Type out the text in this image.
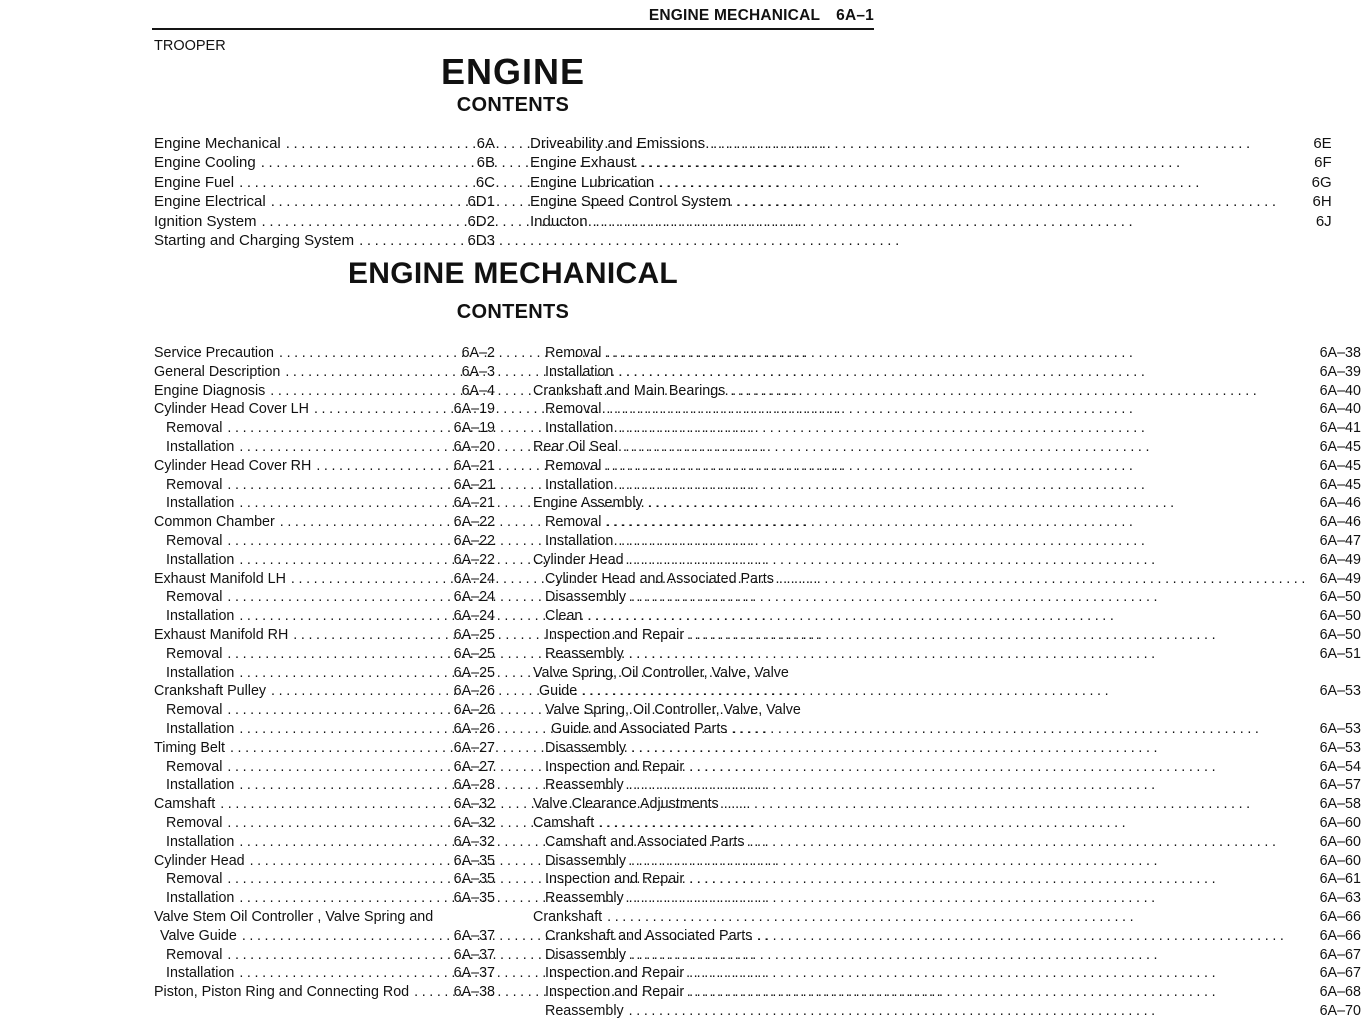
ENGINE MECHANICAL 6A–1
TROOPER
ENGINE
CONTENTS
Engine Mechanical .....	6A
Engine Cooling .....	6B
Engine Fuel .....	6C
Engine Electrical .....	6D1
Ignition System .....	6D2
Starting and Charging System .....	6D3
Driveability and Emissions .....	6E
Engine Exhaust .....	6F
Engine Lubrication .....	6G
Engine Speed Control System .....	6H
Inducton .....	6J
ENGINE MECHANICAL
CONTENTS
Service Precaution .....	6A–2
General Description .....	6A–3
Engine Diagnosis .....	6A–4
Cylinder Head Cover LH .....	6A–19
Removal .....	6A–19
Installation .....	6A–20
Cylinder Head Cover RH .....	6A–21
Removal .....	6A–21
Installation .....	6A–21
Common Chamber .....	6A–22
Removal .....	6A–22
Installation .....	6A–22
Exhaust Manifold LH .....	6A–24
Removal .....	6A–24
Installation .....	6A–24
Exhaust Manifold RH .....	6A–25
Removal .....	6A–25
Installation .....	6A–25
Crankshaft Pulley .....	6A–26
Removal .....	6A–26
Installation .....	6A–26
Timing Belt .....	6A–27
Removal .....	6A–27
Installation .....	6A–28
Camshaft .....	6A–32
Removal .....	6A–32
Installation .....	6A–32
Cylinder Head .....	6A–35
Removal .....	6A–35
Installation .....	6A–35
Valve Stem Oil Controller , Valve Spring and
Valve Guide .....	6A–37
Removal .....	6A–37
Installation .....	6A–37
Piston, Piston Ring and Connecting Rod .....	6A–38
Removal .....	6A–38
Installation .....	6A–39
Crankshaft and Main Bearings .....	6A–40
Removal .....	6A–40
Installation .....	6A–41
Rear Oil Seal .....	6A–45
Removal .....	6A–45
Installation .....	6A–45
Engine Assembly .....	6A–46
Removal .....	6A–46
Installation .....	6A–47
Cylinder Head .....	6A–49
Cylinder Head and Associated Parts .....	6A–49
Disassembly .....	6A–50
Clean .....	6A–50
Inspection and Repair .....	6A–50
Reassembly .....	6A–51
Valve Spring, Oil Controller, Valve, Valve
Guide .....	6A–53
Valve Spring, Oil Controller, Valve, Valve
Guide and Associated Parts .....	6A–53
Disassembly .....	6A–53
Inspection and Repair .....	6A–54
Reassembly .....	6A–57
Valve Clearance Adjustments .....	6A–58
Camshaft .....	6A–60
Camshaft and Associated Parts .....	6A–60
Disassembly .....	6A–60
Inspection and Repair .....	6A–61
Reassembly .....	6A–63
Crankshaft .....	6A–66
Crankshaft and Associated Parts .....	6A–66
Disassembly .....	6A–67
Inspection and Repair .....	6A–67
Inspection and Repair .....	6A–68
Reassembly .....	6A–70
